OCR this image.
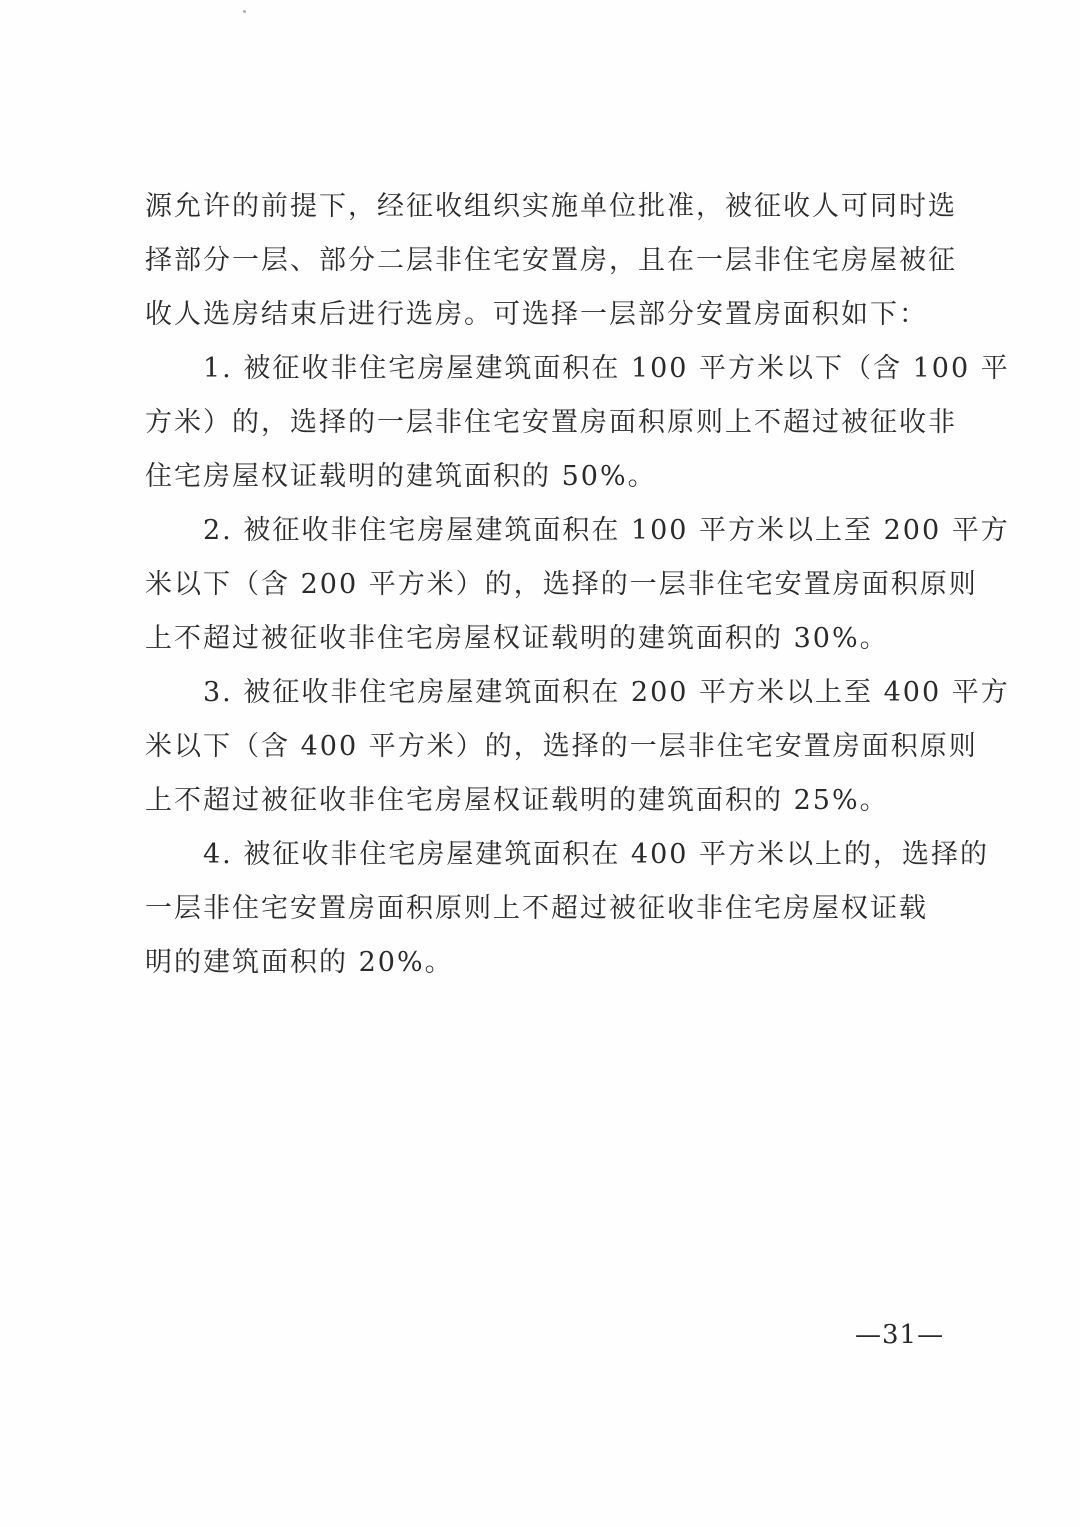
源允许的前提下，经征收组织实施单位批准，被征收人可同时选
择部分一层、部分二层非住宅安置房，且在一层非住宅房屋被征
收人选房结束后进行选房。可选择一层部分安置房面积如下：
1. 被征收非住宅房屋建筑面积在 100 平方米以下（含 100 平
方米）的，选择的一层非住宅安置房面积原则上不超过被征收非
住宅房屋权证载明的建筑面积的 50%。
2. 被征收非住宅房屋建筑面积在 100 平方米以上至 200 平方
米以下（含 200 平方米）的，选择的一层非住宅安置房面积原则
上不超过被征收非住宅房屋权证载明的建筑面积的 30%。
3. 被征收非住宅房屋建筑面积在 200 平方米以上至 400 平方
米以下（含 400 平方米）的，选择的一层非住宅安置房面积原则
上不超过被征收非住宅房屋权证载明的建筑面积的 25%。
4. 被征收非住宅房屋建筑面积在 400 平方米以上的，选择的
一层非住宅安置房面积原则上不超过被征收非住宅房屋权证载
明的建筑面积的 20%。
—31—
